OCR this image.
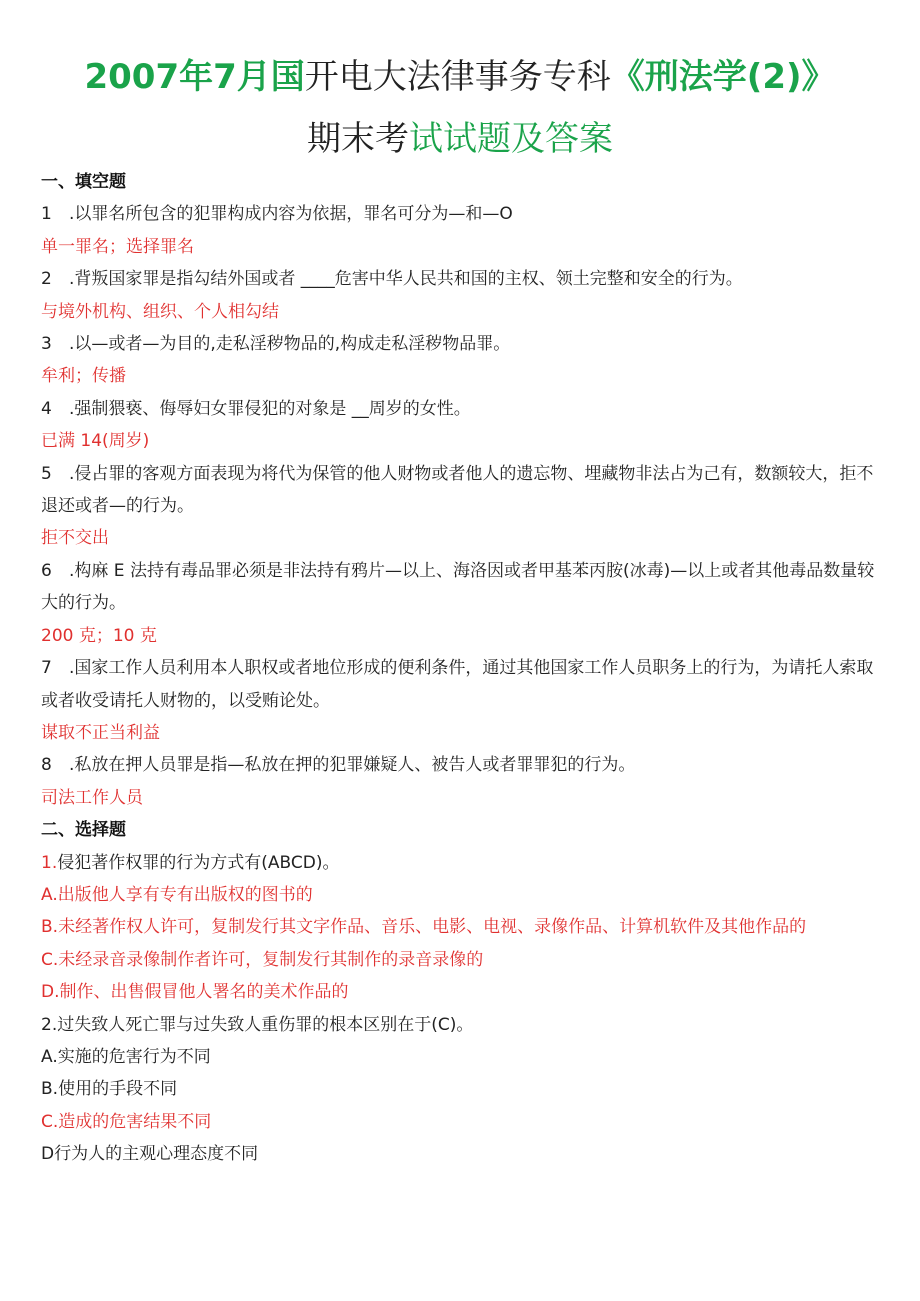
2007年7月国开电大法律事务专科《刑法学(2)》
期末考试试题及答案
一、填空题
1 .以罪名所包含的犯罪构成内容为依据，罪名可分为—和—O
单一罪名；选择罪名
2 .背叛国家罪是指勾结外国或者 ____危害中华人民共和国的主权、领土完整和安全的行为。
与境外机构、组织、个人相勾结
3 .以—或者—为目的,走私淫秽物品的,构成走私淫秽物品罪。
牟利；传播
4 .强制猥亵、侮辱妇女罪侵犯的对象是 __周岁的女性。
已满 14(周岁)
5 .侵占罪的客观方面表现为将代为保管的他人财物或者他人的遗忘物、埋藏物非法占为己有，数额较大，拒不退还或者—的行为。
拒不交出
6 .构麻 E 法持有毒品罪必须是非法持有鸦片—以上、海洛因或者甲基苯丙胺(冰毒)—以上或者其他毒品数量较大的行为。
200 克；10 克
7 .国家工作人员利用本人职权或者地位形成的便利条件，通过其他国家工作人员职务上的行为，为请托人索取或者收受请托人财物的，以受贿论处。
谋取不正当利益
8 .私放在押人员罪是指—私放在押的犯罪嫌疑人、被告人或者罪罪犯的行为。
司法工作人员
二、选择题
1.侵犯著作权罪的行为方式有(ABCD)。
A.出版他人享有专有出版权的图书的
B.未经著作权人许可，复制发行其文字作品、音乐、电影、电视、录像作品、计算机软件及其他作品的
C.未经录音录像制作者许可，复制发行其制作的录音录像的
D.制作、出售假冒他人署名的美术作品的
2.过失致人死亡罪与过失致人重伤罪的根本区别在于(C)。
A.实施的危害行为不同
B.使用的手段不同
C.造成的危害结果不同
D行为人的主观心理态度不同
